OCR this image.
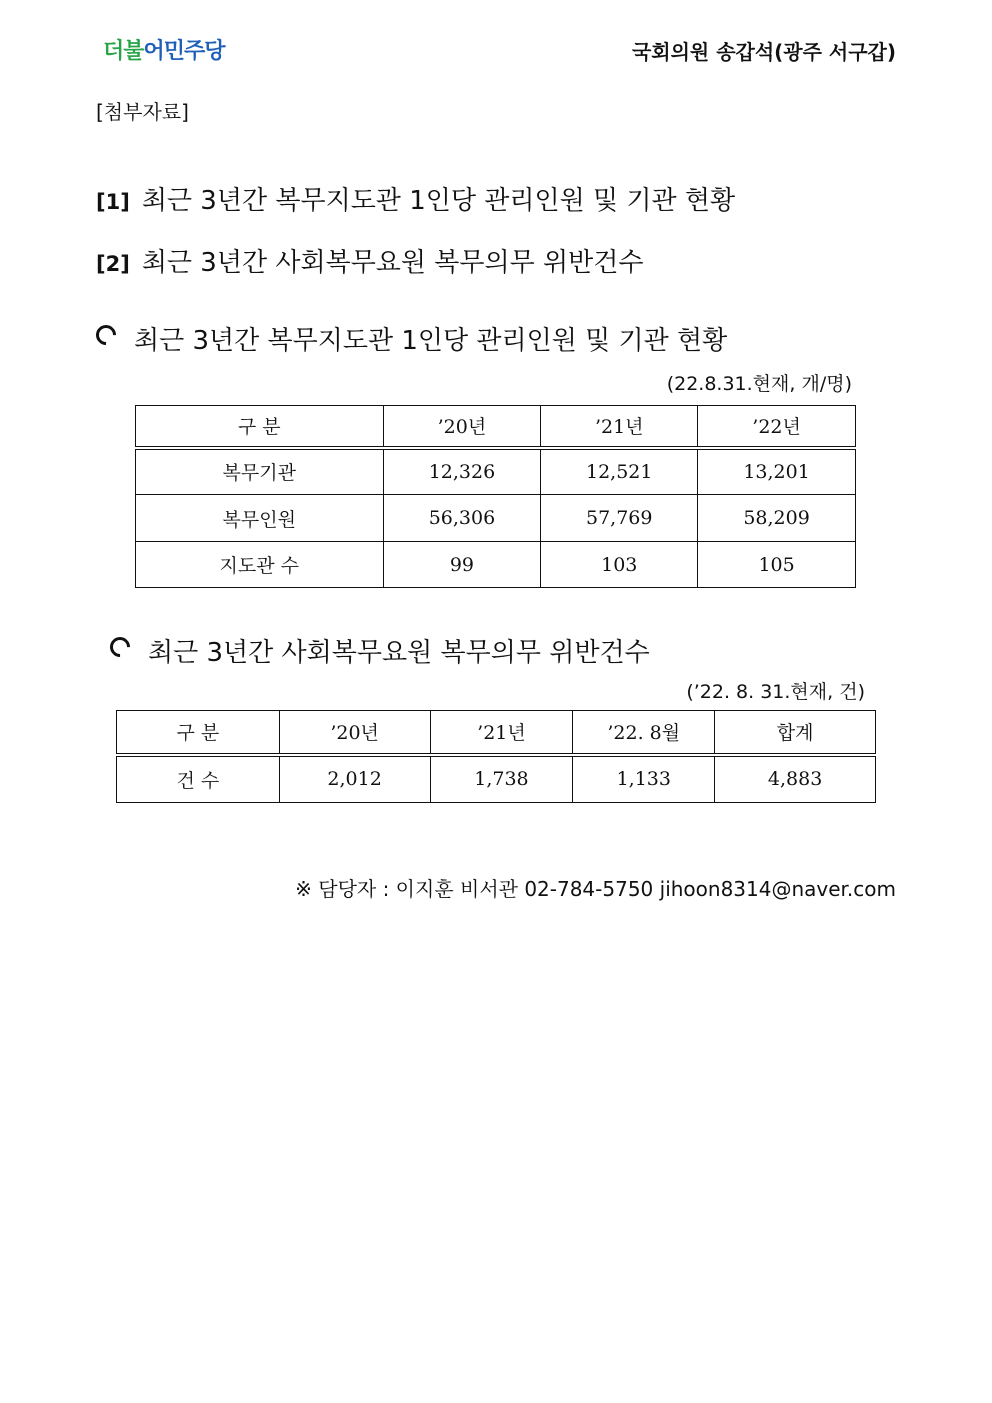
더불어민주당	국회의원 송갑석(광주 서구갑)
[첨부자료]
[1] 최근 3년간 복무지도관 1인당 관리인원 및 기관 현황
[2] 최근 3년간 사회복무요원 복무의무 위반건수
최근 3년간 복무지도관 1인당 관리인원 및 기관 현황
(22.8.31.현재, 개/명)
구 분	’20년	’21년	’22년
복무기관	12,326	12,521	13,201
복무인원	56,306	57,769	58,209
지도관 수	99	103	105
최근 3년간 사회복무요원 복무의무 위반건수
(’22. 8. 31.현재, 건)
구 분	’20년	’21년	’22. 8월	합계
건 수	2,012	1,738	1,133	4,883
※ 담당자 : 이지훈 비서관 02-784-5750 jihoon8314@naver.com
